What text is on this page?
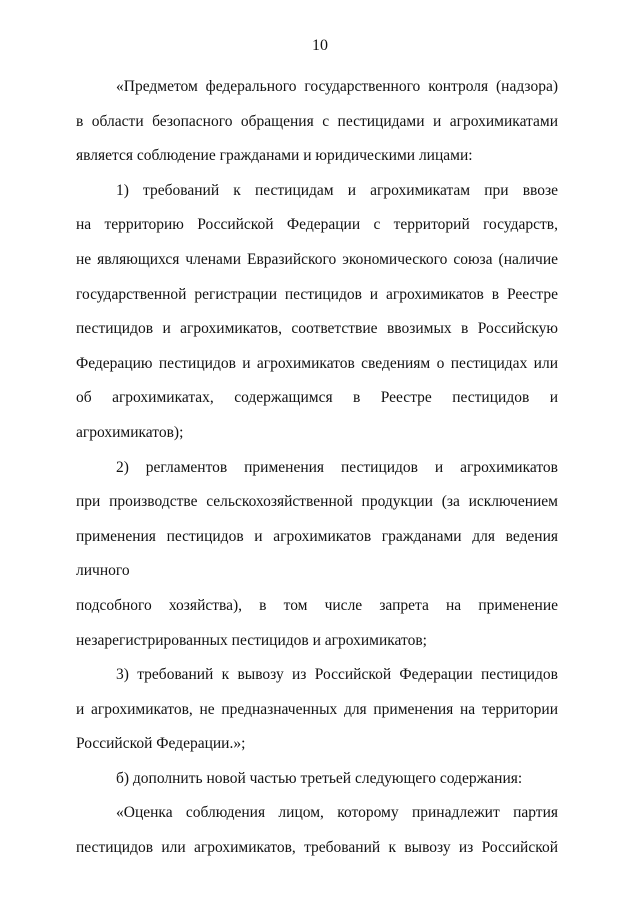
10

«Предметом федерального государственного контроля (надзора)

в области безопасного обращения с пестицидами и агрохимикатами

является соблюдение гражданами и юридическими лицами:

1) требований к пестицидам и агрохимикатам при ввозе

на территорию Российской Федерации с территорий государств,

не являющихся членами Евразийского экономического союза (наличие

государственной регистрации пестицидов и агрохимикатов в Реестре

пестицидов и агрохимикатов, соответствие ввозимых в Российскую

Федерацию пестицидов и агрохимикатов сведениям о пестицидах или

об агрохимикатах, содержащимся в Реестре пестицидов и агрохимикатов);

2) регламентов применения пестицидов и агрохимикатов

при производстве сельскохозяйственной продукции (за исключением

применения пестицидов и агрохимикатов гражданами для ведения личного

подсобного хозяйства), в том числе запрета на применение

незарегистрированных пестицидов и агрохимикатов;

3) требований к вывозу из Российской Федерации пестицидов

и агрохимикатов, не предназначенных для применения на территории

Российской Федерации.»;

б) дополнить новой частью третьей следующего содержания:

«Оценка соблюдения лицом, которому принадлежит партия

пестицидов или агрохимикатов, требований к вывозу из Российской
